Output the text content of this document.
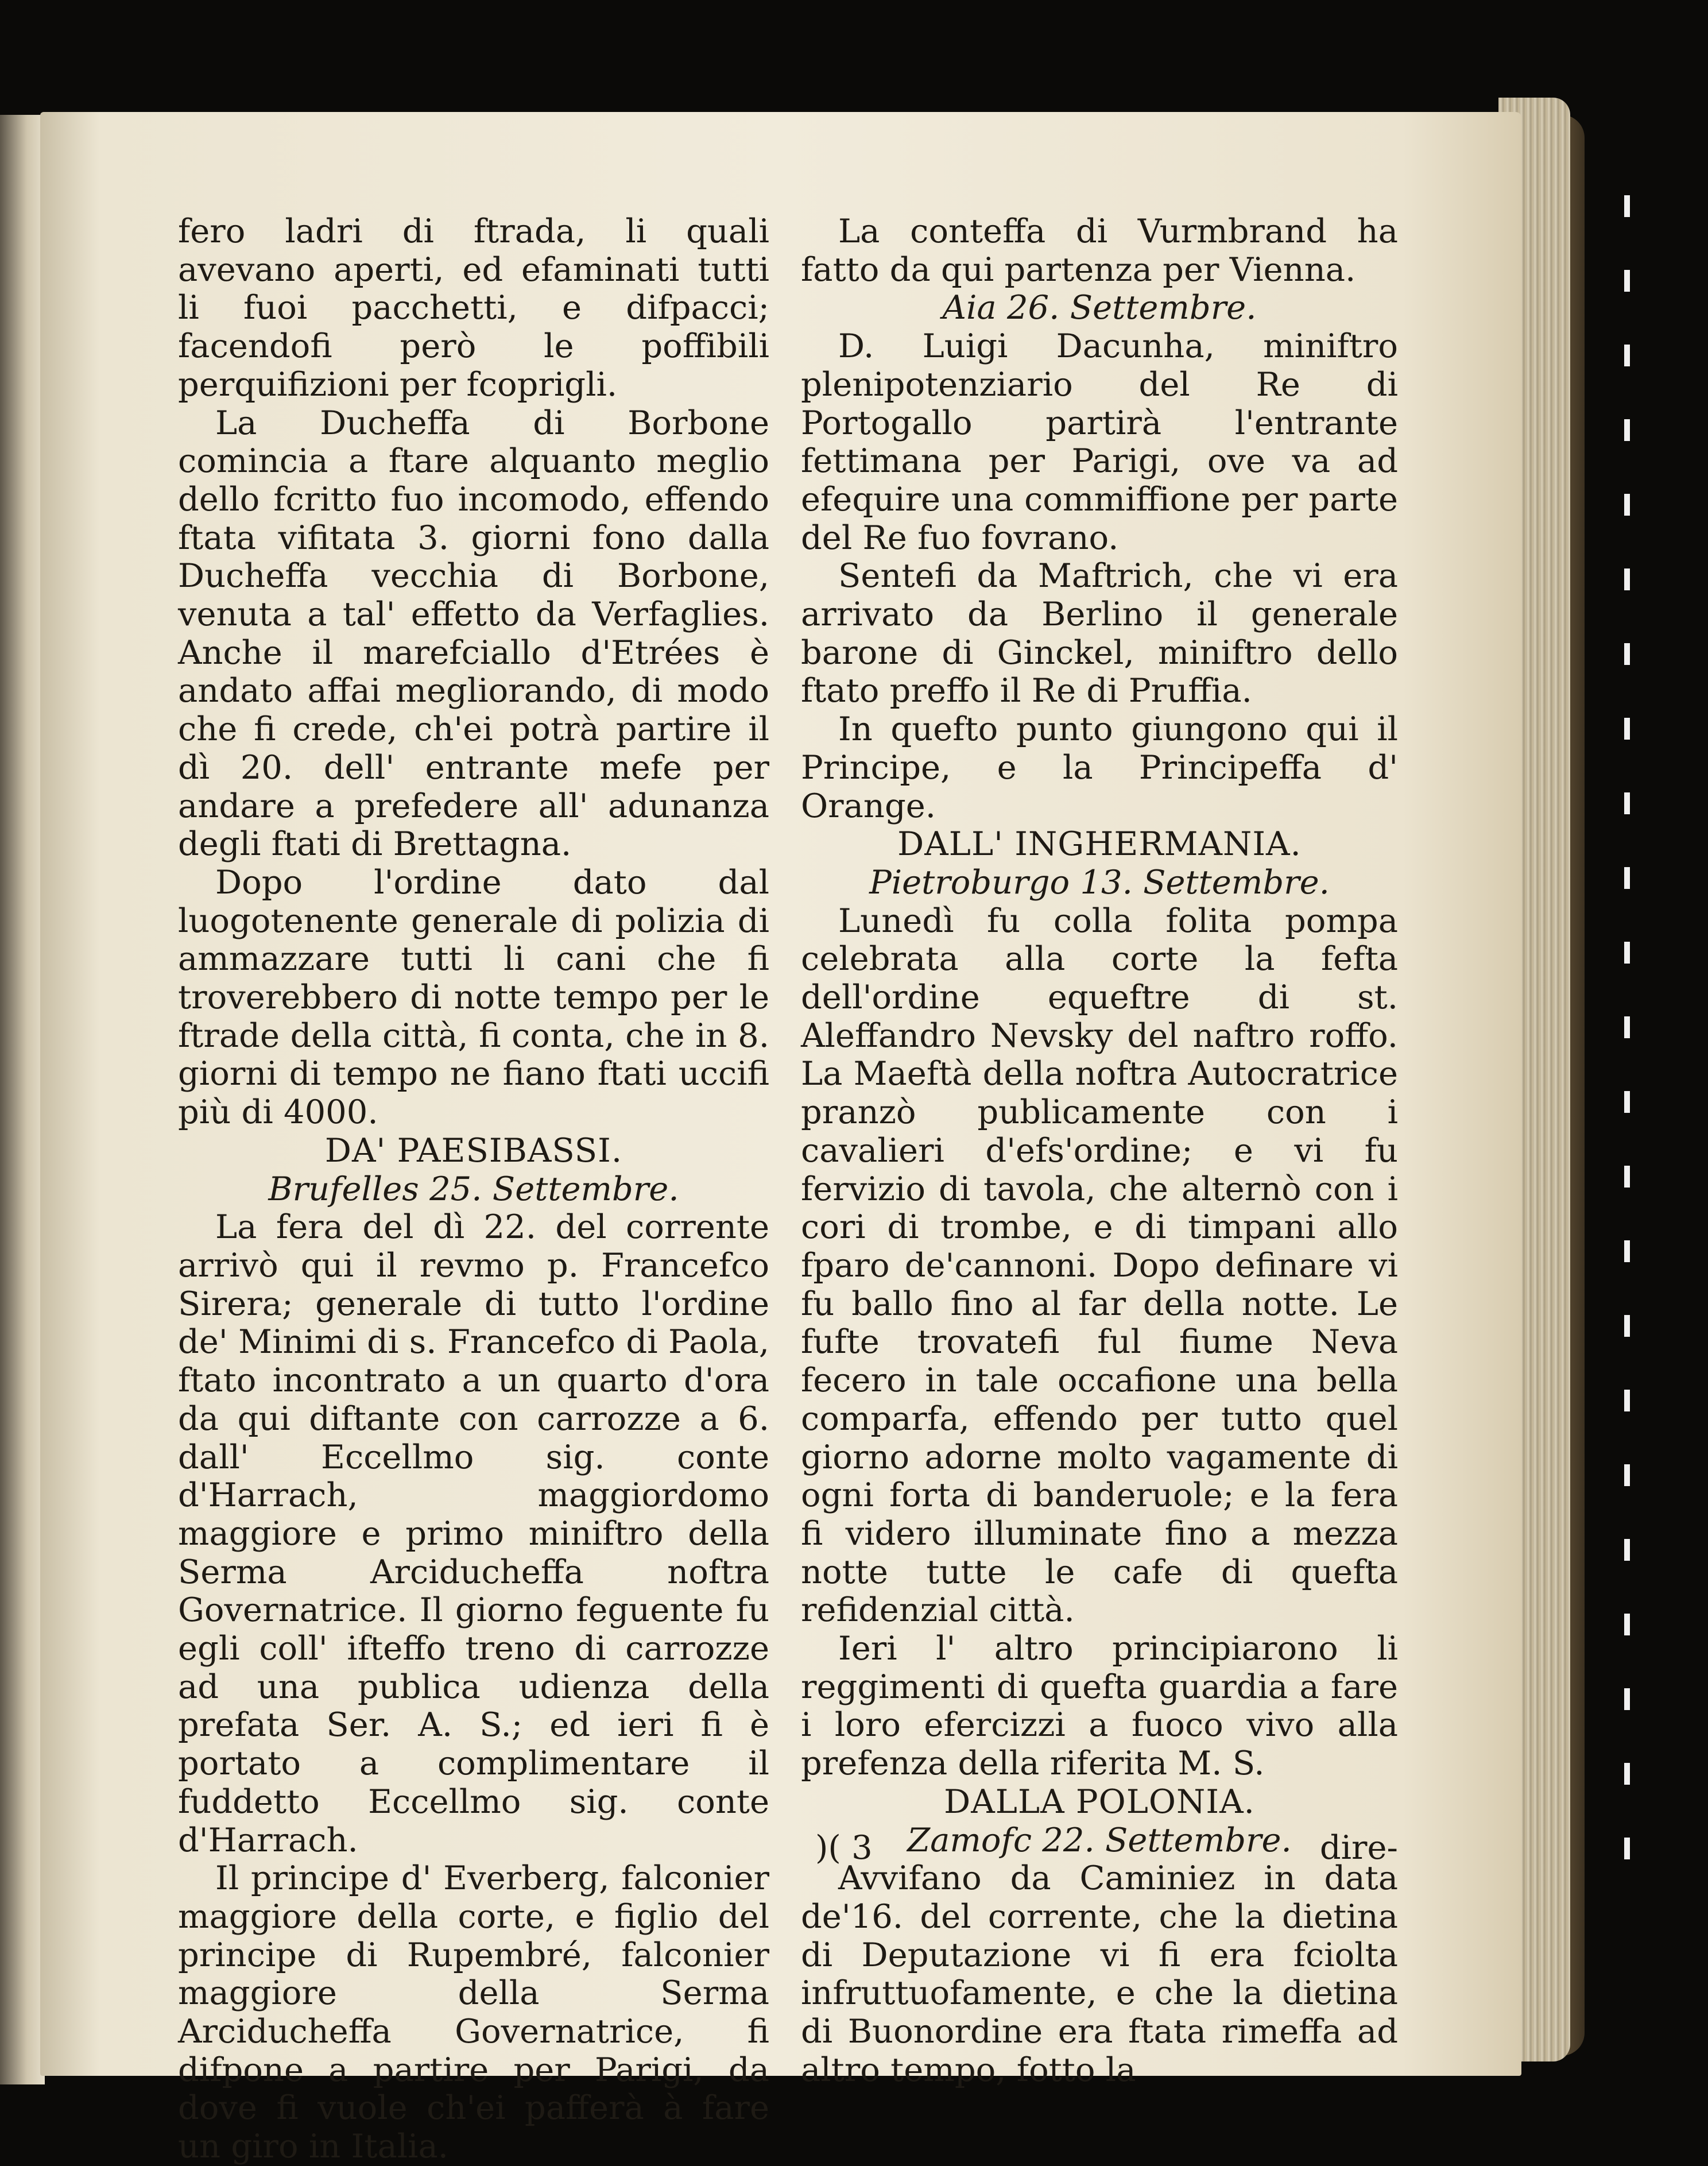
fero ladri di ftrada, li quali avevano aperti, ed efaminati tutti li fuoi pacchetti, e difpacci; facendofi però le poffibili perquifizioni per fcoprigli.

La Ducheffa di Borbone comincia a ftare alquanto meglio dello fcritto fuo incomodo, effendo ftata vifitata 3. giorni fono dalla Ducheffa vecchia di Borbone, venuta a tal' effetto da Verfaglies. Anche il marefciallo d'Etrées è andato affai megliorando, di modo che fi crede, ch'ei potrà partire il dì 20. dell' entrante mefe per andare a prefedere all' adunanza degli ftati di Brettagna.

Dopo l'ordine dato dal luogotenente generale di polizia di ammazzare tutti li cani che fi troverebbero di notte tempo per le ftrade della città, fi conta, che in 8. giorni di tempo ne fiano ftati uccifi più di 4000.

DA' PAESIBASSI.

Brufelles 25. Settembre.

La fera del dì 22. del corrente arrivò qui il revmo p. Francefco Sirera; generale di tutto l'ordine de' Minimi di s. Francefco di Paola, ftato incontrato a un quarto d'ora da qui diftante con carrozze a 6. dall' Eccellmo sig. conte d'Harrach, maggiordomo maggiore e primo miniftro della Serma Arciducheffa noftra Governatrice. Il giorno feguente fu egli coll' ifteffo treno di carrozze ad una publica udienza della prefata Ser. A. S.; ed ieri fi è portato a complimentare il fuddetto Eccellmo sig. conte d'Harrach.

Il principe d' Everberg, falconier maggiore della corte, e figlio del principe di Rupembré, falconier maggiore della Serma Arciducheffa Governatrice, fi difpone a partire per Parigi, da dove fi vuole ch'ei pafferà à fare un giro in Italia.

La conteffa di Vurmbrand ha fatto da qui partenza per Vienna.

Aia 26. Settembre.

D. Luigi Dacunha, miniftro plenipotenziario del Re di Portogallo partirà l'entrante fettimana per Parigi, ove va ad efequire una commiffione per parte del Re fuo fovrano.

Sentefi da Maftrich, che vi era arrivato da Berlino il generale barone di Ginckel, miniftro dello ftato preffo il Re di Pruffia.

In quefto punto giungono qui il Principe, e la Principeffa d' Orange.

DALL' INGHERMANIA.

Pietroburgo 13. Settembre.

Lunedì fu colla folita pompa celebrata alla corte la fefta dell'ordine equeftre di st. Aleffandro Nevsky del naftro roffo. La Maeftà della noftra Autocratrice pranzò publicamente con i cavalieri d'efs'ordine; e vi fu fervizio di tavola, che alternò con i cori di trombe, e di timpani allo fparo de'cannoni. Dopo definare vi fu ballo fino al far della notte. Le fufte trovatefi ful fiume Neva fecero in tale occafione una bella comparfa, effendo per tutto quel giorno adorne molto vagamente di ogni forta di banderuole; e la fera fi videro illuminate fino a mezza notte tutte le cafe di quefta refidenzial città.

Ieri l' altro principiarono li reggimenti di quefta guardia a fare i loro efercizzi a fuoco vivo alla prefenza della riferita M. S.

DALLA POLONIA.

Zamofc 22. Settembre.

Avvifano da Caminiez in data de'16. del corrente, che la dietina di Deputazione vi fi era fciolta infruttuofamente, e che la dietina di Buonordine era ftata rimeffa ad altro tempo, fotto la

)( 3	dire-
